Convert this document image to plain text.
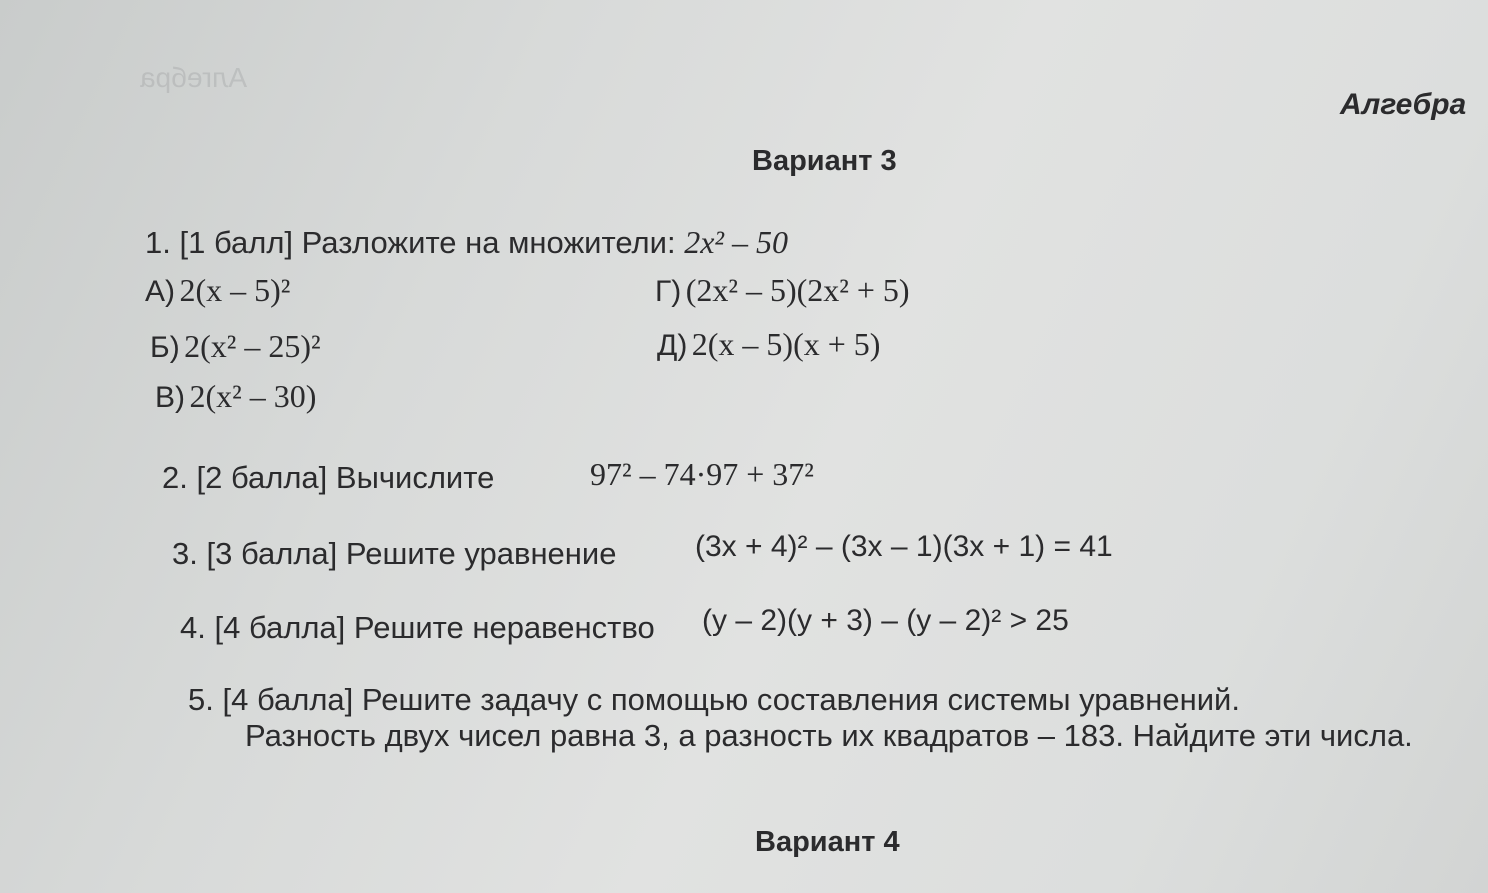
Алгебра
Алгебра
Вариант 3
1. [1 балл] Разложите на множители: 2x² – 50
А) 2(x – 5)²
Б) 2(x² – 25)²
В) 2(x² – 30)
Г) (2x² – 5)(2x² + 5)
Д) 2(x – 5)(x + 5)
2. [2 балла] Вычислите	97² – 74·97 + 37²
3. [3 балла] Решите уравнение	(3x + 4)² – (3x – 1)(3x + 1) = 41
4. [4 балла] Решите неравенство (y – 2)(y + 3) – (y – 2)² > 25
5. [4 балла] Решите задачу с помощью составления системы уравнений.
Разность двух чисел равна 3, а разность их квадратов – 183. Найдите эти числа.
Вариант 4
